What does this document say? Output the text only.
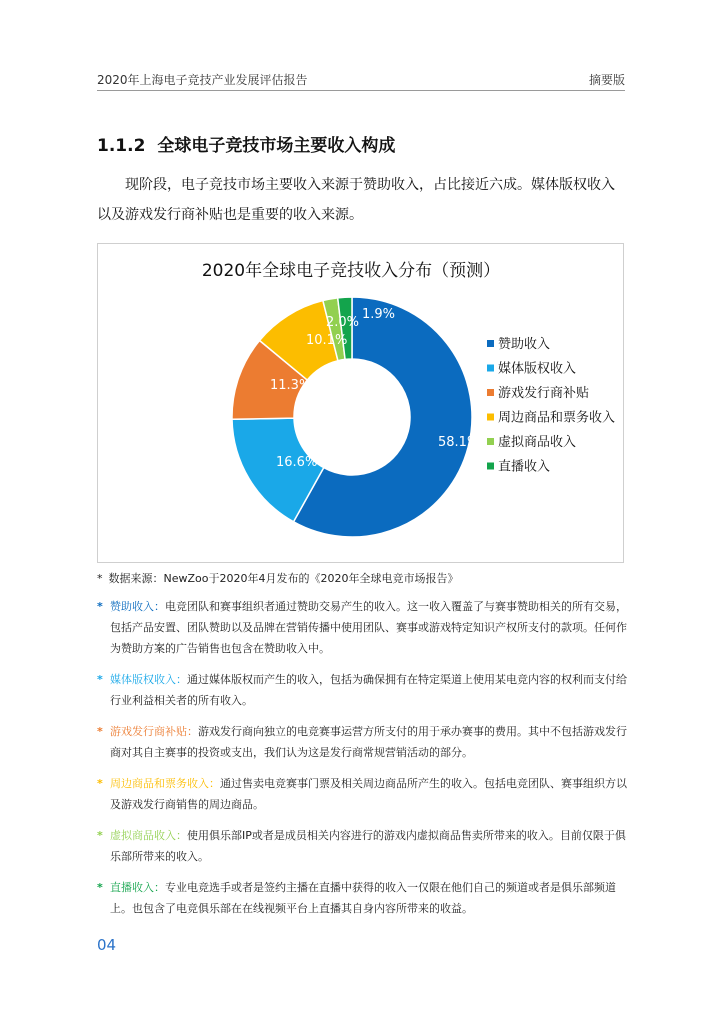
2020年上海电子竞技产业发展评估报告	摘要版
1.1.2 全球电子竞技市场主要收入构成
现阶段，电子竞技市场主要收入来源于赞助收入，占比接近六成。媒体版权收入以及游戏发行商补贴也是重要的收入来源。
2020年全球电子竞技收入分布（预测）
58.1%
16.6%
11.3%
10.1%
2.0%
1.9%
赞助收入
媒体版权收入
游戏发行商补贴
周边商品和票务收入
虚拟商品收入
直播收入
* 数据来源：NewZoo于2020年4月发布的《2020年全球电竞市场报告》
* 赞助收入：电竞团队和赛事组织者通过赞助交易产生的收入。这一收入覆盖了与赛事赞助相关的所有交易，包括产品安置、团队赞助以及品牌在营销传播中使用团队、赛事或游戏特定知识产权所支付的款项。任何作为赞助方案的广告销售也包含在赞助收入中。
* 媒体版权收入：通过媒体版权而产生的收入，包括为确保拥有在特定渠道上使用某电竞内容的权利而支付给行业利益相关者的所有收入。
* 游戏发行商补贴：游戏发行商向独立的电竞赛事运营方所支付的用于承办赛事的费用。其中不包括游戏发行商对其自主赛事的投资或支出，我们认为这是发行商常规营销活动的部分。
* 周边商品和票务收入：通过售卖电竞赛事门票及相关周边商品所产生的收入。包括电竞团队、赛事组织方以及游戏发行商销售的周边商品。
* 虚拟商品收入：使用俱乐部IP或者是成员相关内容进行的游戏内虚拟商品售卖所带来的收入。目前仅限于俱乐部所带来的收入。
* 直播收入：专业电竞选手或者是签约主播在直播中获得的收入一仅限在他们自己的频道或者是俱乐部频道上。也包含了电竞俱乐部在在线视频平台上直播其自身内容所带来的收益。
04
